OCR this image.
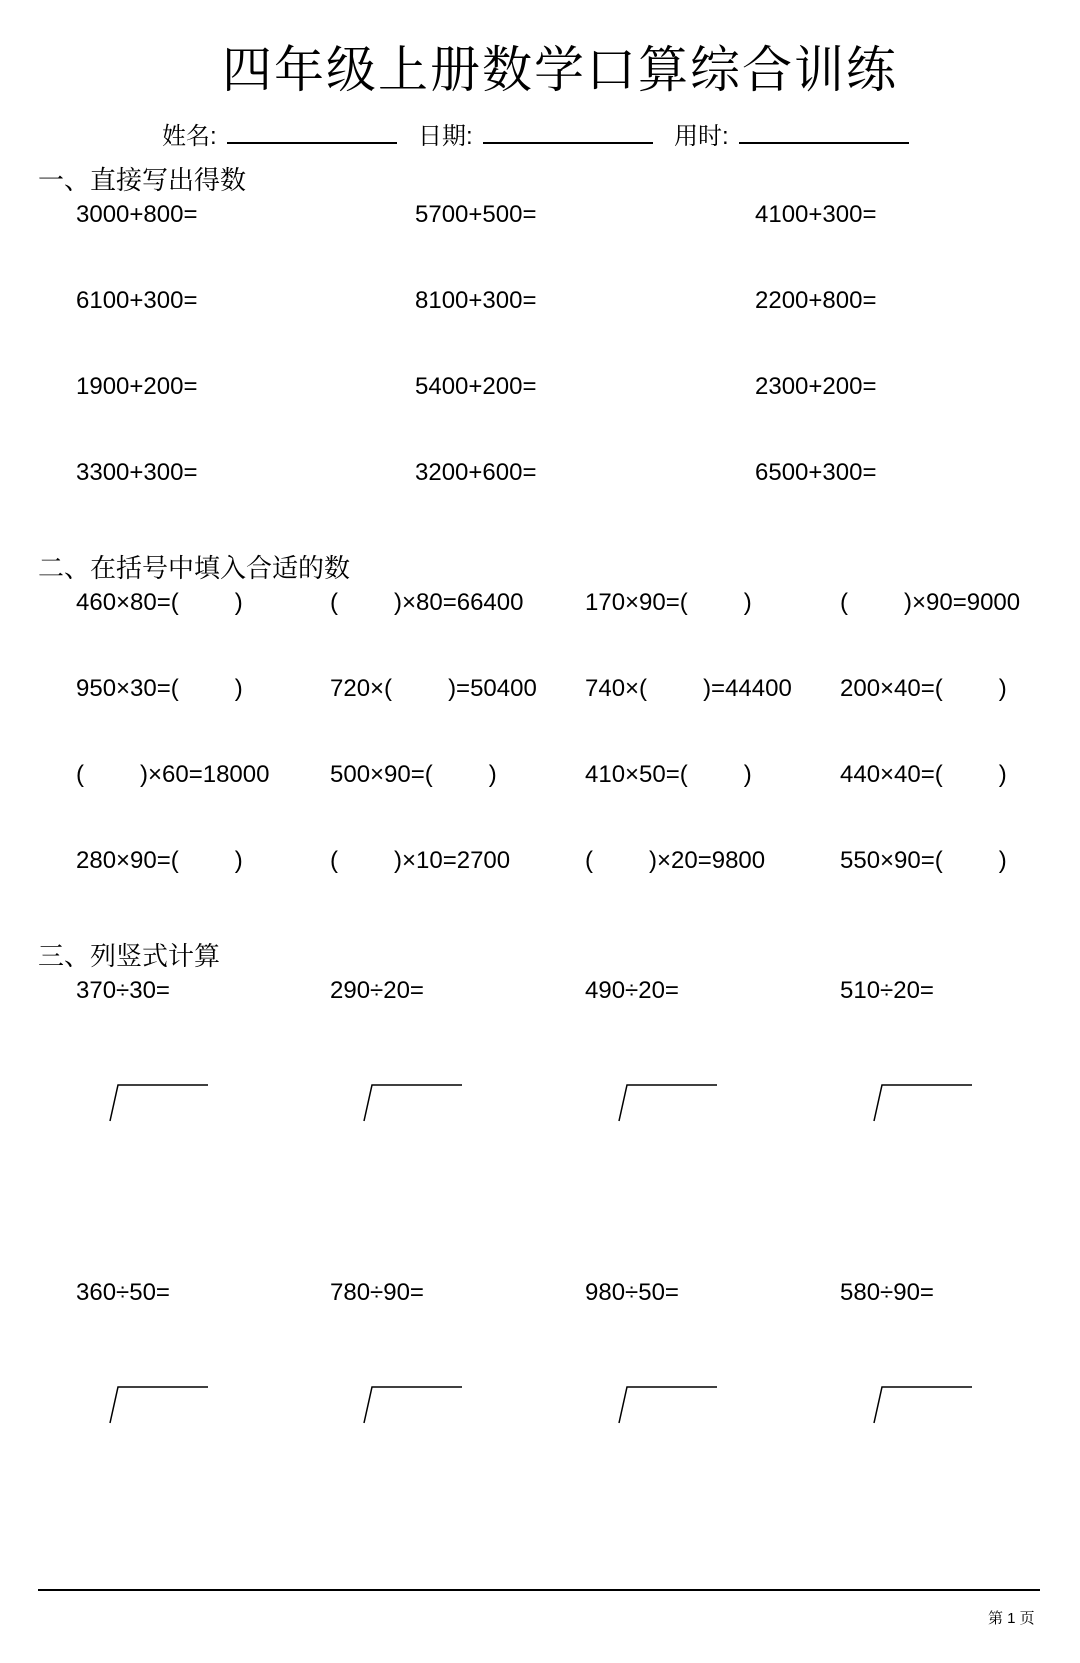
四年级上册数学口算综合训练
姓名:	日期:	用时:
一、直接写出得数
3000+800=	5700+500=	4100+300=
6100+300=	8100+300=	2200+800=
1900+200=	5400+200=	2300+200=
3300+300=	3200+600=	6500+300=
二、在括号中填入合适的数
460×80=( )	( )×80=66400	170×90=( )	( )×90=9000
950×30=( )	720×( )=50400 740×( )=44400 200×40=( )
( )×60=18000	500×90=( )	410×50=( )	440×40=( )
280×90=( )	( )×10=2700	( )×20=9800	550×90=( )
三、列竖式计算
370÷30=	290÷20=	490÷20=	510÷20=
360÷50=	780÷90=	980÷50=	580÷90=
第 1 页
